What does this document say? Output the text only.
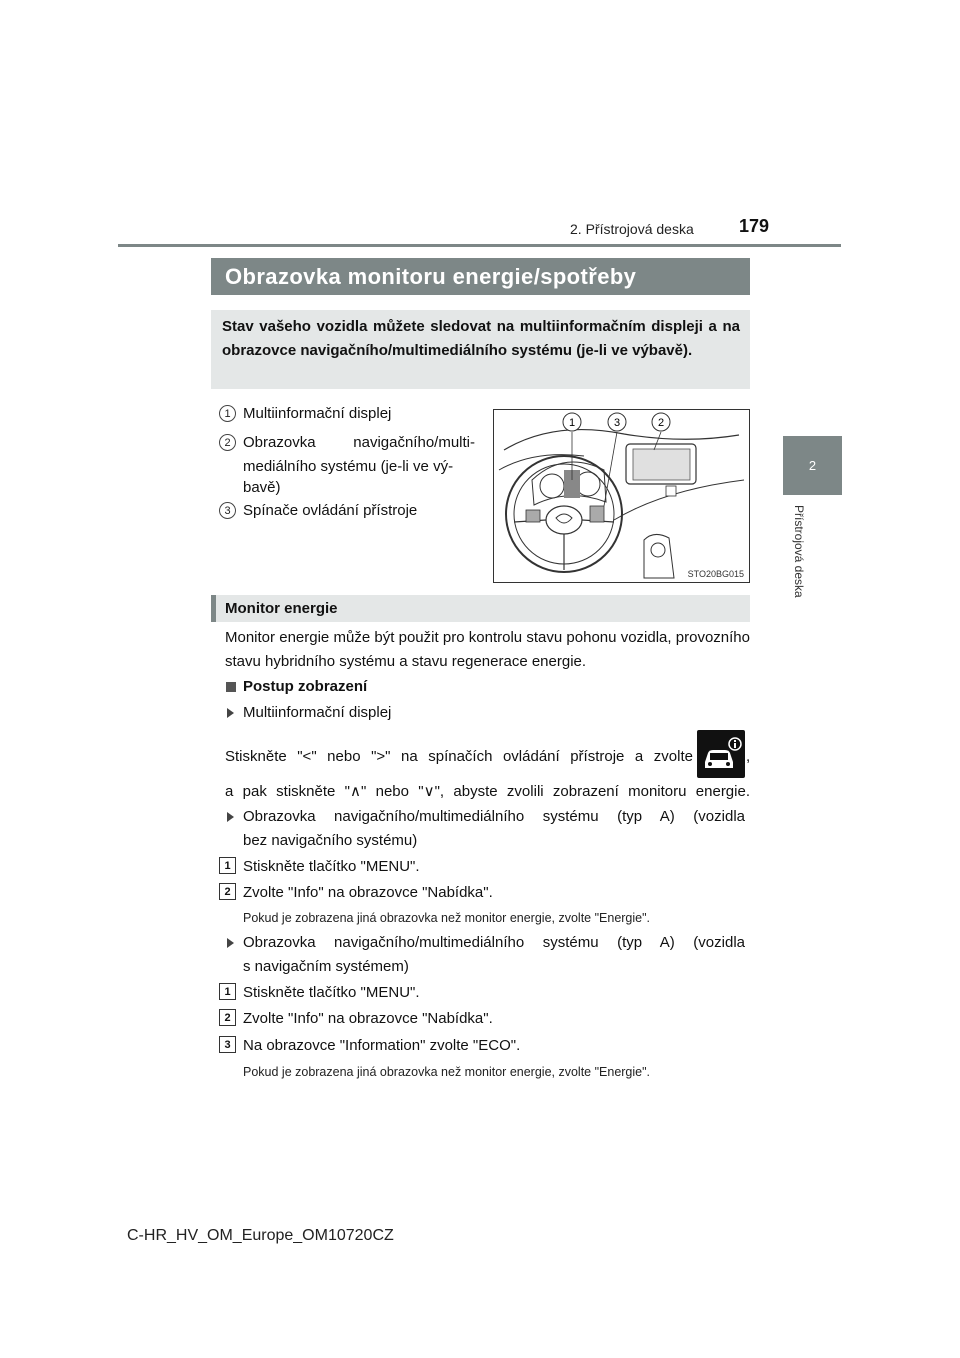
2. Přístrojová deska	179
2
Přístrojová deska
Obrazovka monitoru energie/spotřeby
Stav vašeho vozidla můžete sledovat na multiinformačním displeji a na obrazovce navigačního/multimediálního systému (je-li ve výbavě).
1 Multiinformační displej
2 Obrazovka navigačního/multi-
mediálního systému (je-li ve vý-
bavě)
3 Spínače ovládání přístroje
1	3	2
STO20BG015
Monitor energie
Monitor energie může být použit pro kontrolu stavu pohonu vozidla, provozního stavu hybridního systému a stavu regenerace energie.
Postup zobrazení
Multiinformační displej
Stiskněte "<" nebo ">" na spínačích ovládání přístroje a zvolte	,
a pak stiskněte "∧" nebo "∨", abyste zvolili zobrazení monitoru energie.
Obrazovka navigačního/multimediálního systému (typ A) (vozidla
bez navigačního systému)
1 Stiskněte tlačítko "MENU".
2 Zvolte "Info" na obrazovce "Nabídka".
Pokud je zobrazena jiná obrazovka než monitor energie, zvolte "Energie".
Obrazovka navigačního/multimediálního systému (typ A) (vozidla
s navigačním systémem)
1 Stiskněte tlačítko "MENU".
2 Zvolte "Info" na obrazovce "Nabídka".
3 Na obrazovce "Information" zvolte "ECO".
Pokud je zobrazena jiná obrazovka než monitor energie, zvolte "Energie".
C-HR_HV_OM_Europe_OM10720CZ
